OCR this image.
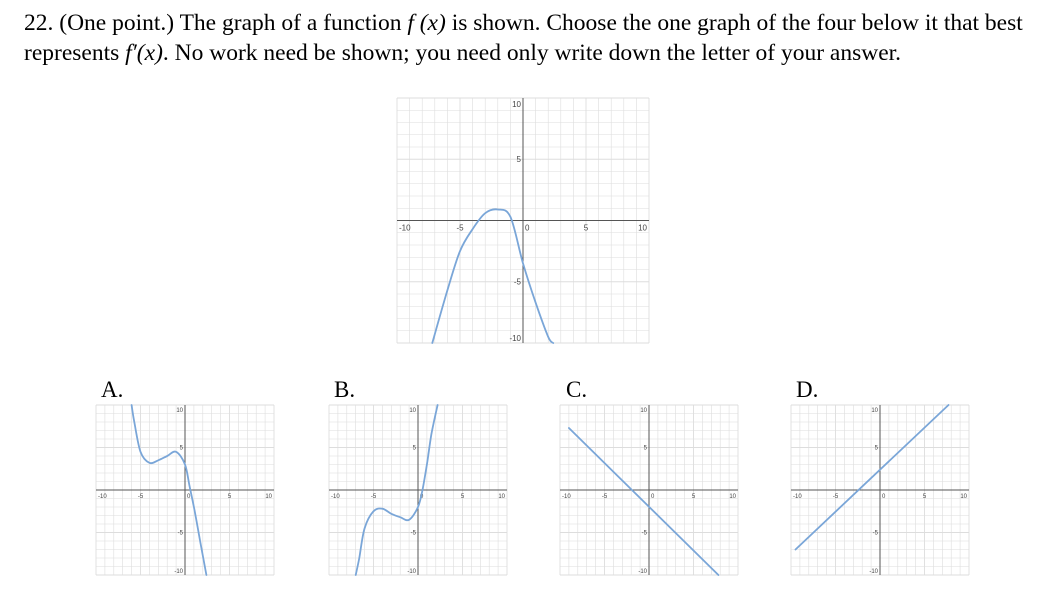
22. (One point.) The graph of a function f (x) is shown. Choose the one graph of the four below it that best represents f′(x). No work need be shown; you need only write down the letter of your answer.

-10	-5	0	5	10
-10
-5
5
10
A.
-10	-5	0	5	10
-10
-5
5
10
B.
-10	-5	0	5	10
-10
-5
5
10
C.
-10	-5	0	5	10
-10
-5
5
10
D.
-10	-5	0	5	10
-10
-5
5
10
